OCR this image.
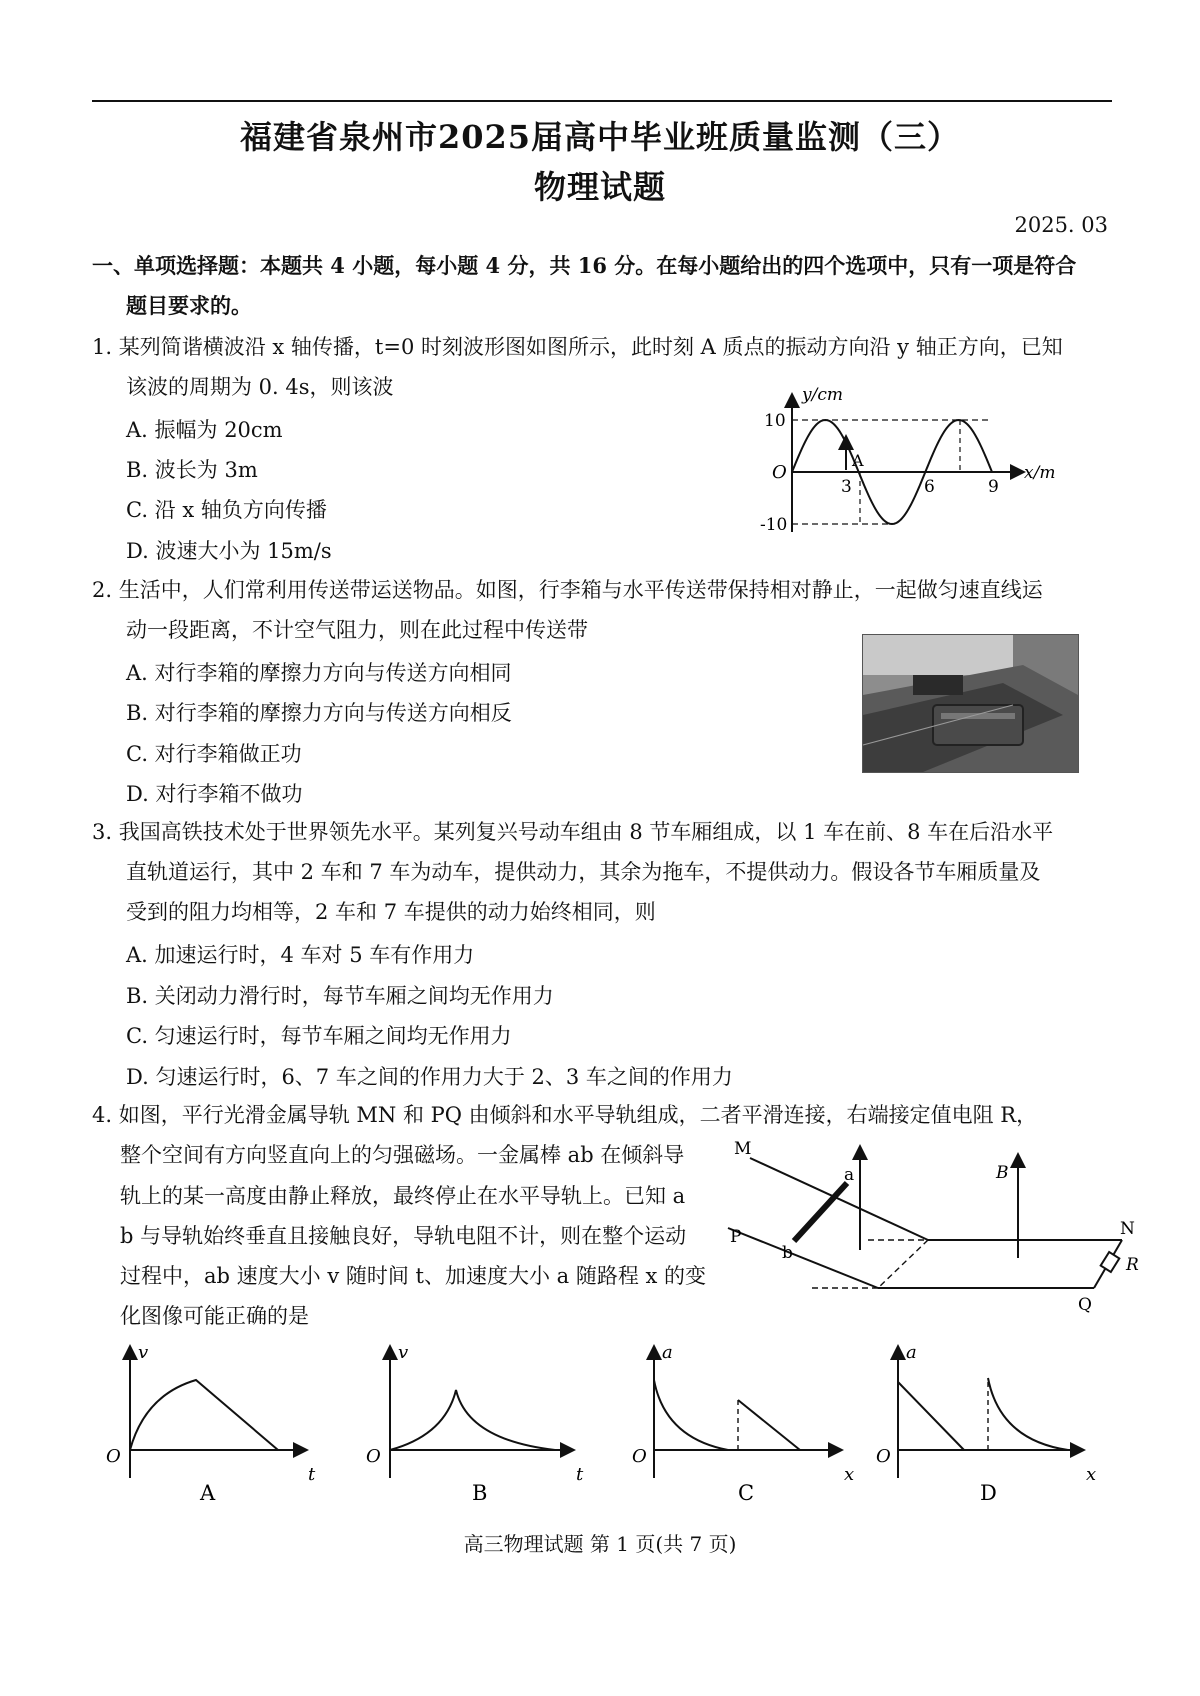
福建省泉州市2025届高中毕业班质量监测（三）
物理试题
2025. 03
一、单项选择题：本题共 4 小题，每小题 4 分，共 16 分。在每小题给出的四个选项中，只有一项是符合
题目要求的。
1. 某列简谐横波沿 x 轴传播，t=0 时刻波形图如图所示，此时刻 A 质点的振动方向沿 y 轴正方向，已知
该波的周期为 0. 4s，则该波
A. 振幅为 20cm
B. 波长为 3m
C. 沿 x 轴负方向传播
D. 波速大小为 15m/s
y/cm
x/m
O
10
-10
3	6	9
A
2. 生活中，人们常利用传送带运送物品。如图，行李箱与水平传送带保持相对静止，一起做匀速直线运
动一段距离，不计空气阻力，则在此过程中传送带
A. 对行李箱的摩擦力方向与传送方向相同
B. 对行李箱的摩擦力方向与传送方向相反
C. 对行李箱做正功
D. 对行李箱不做功
3. 我国高铁技术处于世界领先水平。某列复兴号动车组由 8 节车厢组成，以 1 车在前、8 车在后沿水平
直轨道运行，其中 2 车和 7 车为动车，提供动力，其余为拖车，不提供动力。假设各节车厢质量及
受到的阻力均相等，2 车和 7 车提供的动力始终相同，则
A. 加速运行时，4 车对 5 车有作用力
B. 关闭动力滑行时，每节车厢之间均无作用力
C. 匀速运行时，每节车厢之间均无作用力
D. 匀速运行时，6、7 车之间的作用力大于 2、3 车之间的作用力
4. 如图，平行光滑金属导轨 MN 和 PQ 由倾斜和水平导轨组成，二者平滑连接，右端接定值电阻 R，
整个空间有方向竖直向上的匀强磁场。一金属棒 ab 在倾斜导
轨上的某一高度由静止释放，最终停止在水平导轨上。已知 a
b 与导轨始终垂直且接触良好，导轨电阻不计，则在整个运动
过程中，ab 速度大小 v 随时间 t、加速度大小 a 随路程 x 的变
化图像可能正确的是
M
N
P
Q
a
b
B
R
v
O
t
A
v
O
t
B
a
O
x
C
a
O
x
D
高三物理试题 第 1 页(共 7 页)
